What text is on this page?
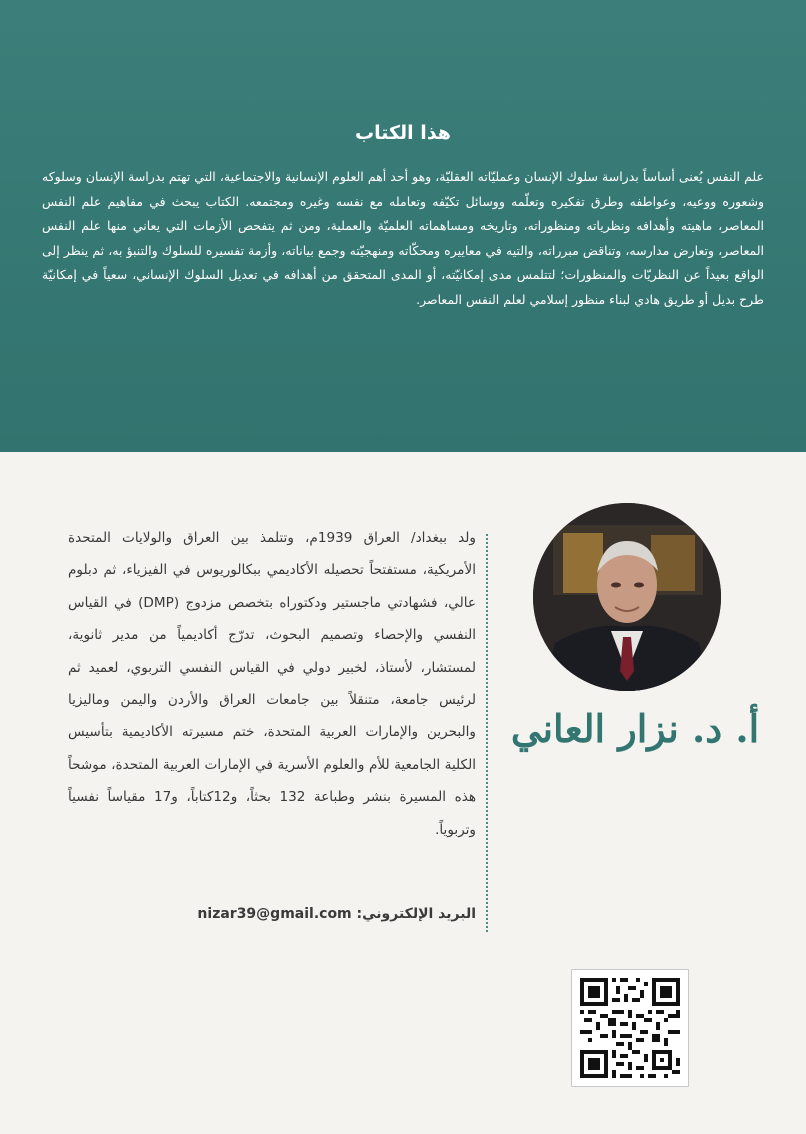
هذا الكتاب

علم النفس يُعنى أساساً بدراسة سلوك الإنسان وعمليّاته العقليّة، وهو أحد أهم العلوم الإنسانية والاجتماعية، التي تهتم بدراسة الإنسان وسلوكه وشعوره ووعيه، وعواطفه وطرق تفكيره وتعلّمه ووسائل تكيّفه وتعامله مع نفسه وغيره ومجتمعه. الكتاب يبحث في مفاهيم علم النفس المعاصر، ماهيته وأهدافه ونظرياته ومنظوراته، وتاريخه ومساهماته العلميّة والعملية، ومن ثم يتفحص الأزمات التي يعاني منها علم النفس المعاصر، وتعارض مدارسه، وتناقض مبرراته، والتيه في معاييره ومحكّاته ومنهجيّته وجمع بياناته، وأزمة تفسيره للسلوك والتنبؤ به، ثم ينظر إلى الواقع بعيداً عن النظريّات والمنظورات؛ لتتلمس مدى إمكانيّته، أو المدى المتحقق من أهدافه في تعديل السلوك الإنساني، سعياً في إمكانيّة طرح بديل أو طريق هادي لبناء منظور إسلامي لعلم النفس المعاصر.

ولد ببغداد/ العراق 1939م، وتتلمذ بين العراق والولايات المتحدة الأمريكية، مستفتحاً تحصيله الأكاديمي ببكالوريوس في الفيزياء، ثم دبلوم عالي، فشهادتي ماجستير ودكتوراه بتخصص مزدوج (DMP) في القياس النفسي والإحصاء وتصميم البحوث، تدرّج أكاديمياً من مدير ثانوية، لمستشار، لأستاذ، لخبير دولي في القياس النفسي التربوي، لعميد ثم لرئيس جامعة، متنقلاً بين جامعات العراق والأردن واليمن وماليزيا والبحرين والإمارات العربية المتحدة، ختم مسيرته الأكاديمية بتأسيس الكلية الجامعية للأم والعلوم الأسرية في الإمارات العربية المتحدة، موشحاً هذه المسيرة بنشر وطباعة 132 بحثاً، و12كتاباً، و17 مقياساً نفسياً وتربوياً.

البريد الإلكتروني: nizar39@gmail.com
أ. د. نزار العاني
